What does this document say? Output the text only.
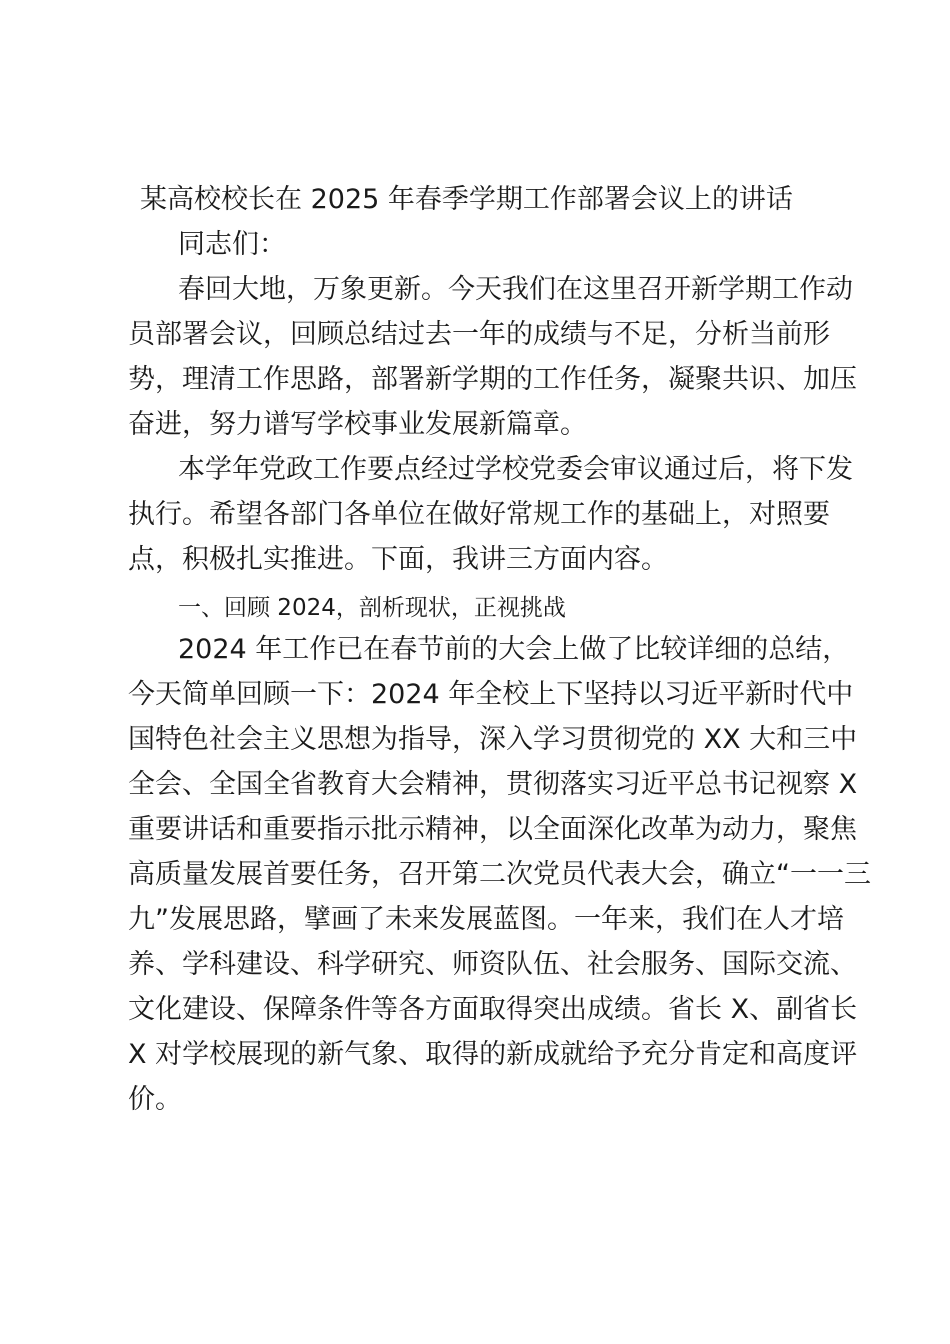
某高校校长在 2025 年春季学期工作部署会议上的讲话
同志们：
春回大地，万象更新。今天我们在这里召开新学期工作动
员部署会议，回顾总结过去一年的成绩与不足，分析当前形
势，理清工作思路，部署新学期的工作任务，凝聚共识、加压
奋进，努力谱写学校事业发展新篇章。
本学年党政工作要点经过学校党委会审议通过后，将下发
执行。希望各部门各单位在做好常规工作的基础上，对照要
点，积极扎实推进。下面，我讲三方面内容。
一、回顾 2024，剖析现状，正视挑战
2024 年工作已在春节前的大会上做了比较详细的总结，
今天简单回顾一下：2024 年全校上下坚持以习近平新时代中
国特色社会主义思想为指导，深入学习贯彻党的 XX 大和三中
全会、全国全省教育大会精神，贯彻落实习近平总书记视察 X
重要讲话和重要指示批示精神，以全面深化改革为动力，聚焦
高质量发展首要任务，召开第二次党员代表大会，确立“一一三
九”发展思路，擘画了未来发展蓝图。一年来，我们在人才培
养、学科建设、科学研究、师资队伍、社会服务、国际交流、
文化建设、保障条件等各方面取得突出成绩。省长 X、副省长
X 对学校展现的新气象、取得的新成就给予充分肯定和高度评
价。
